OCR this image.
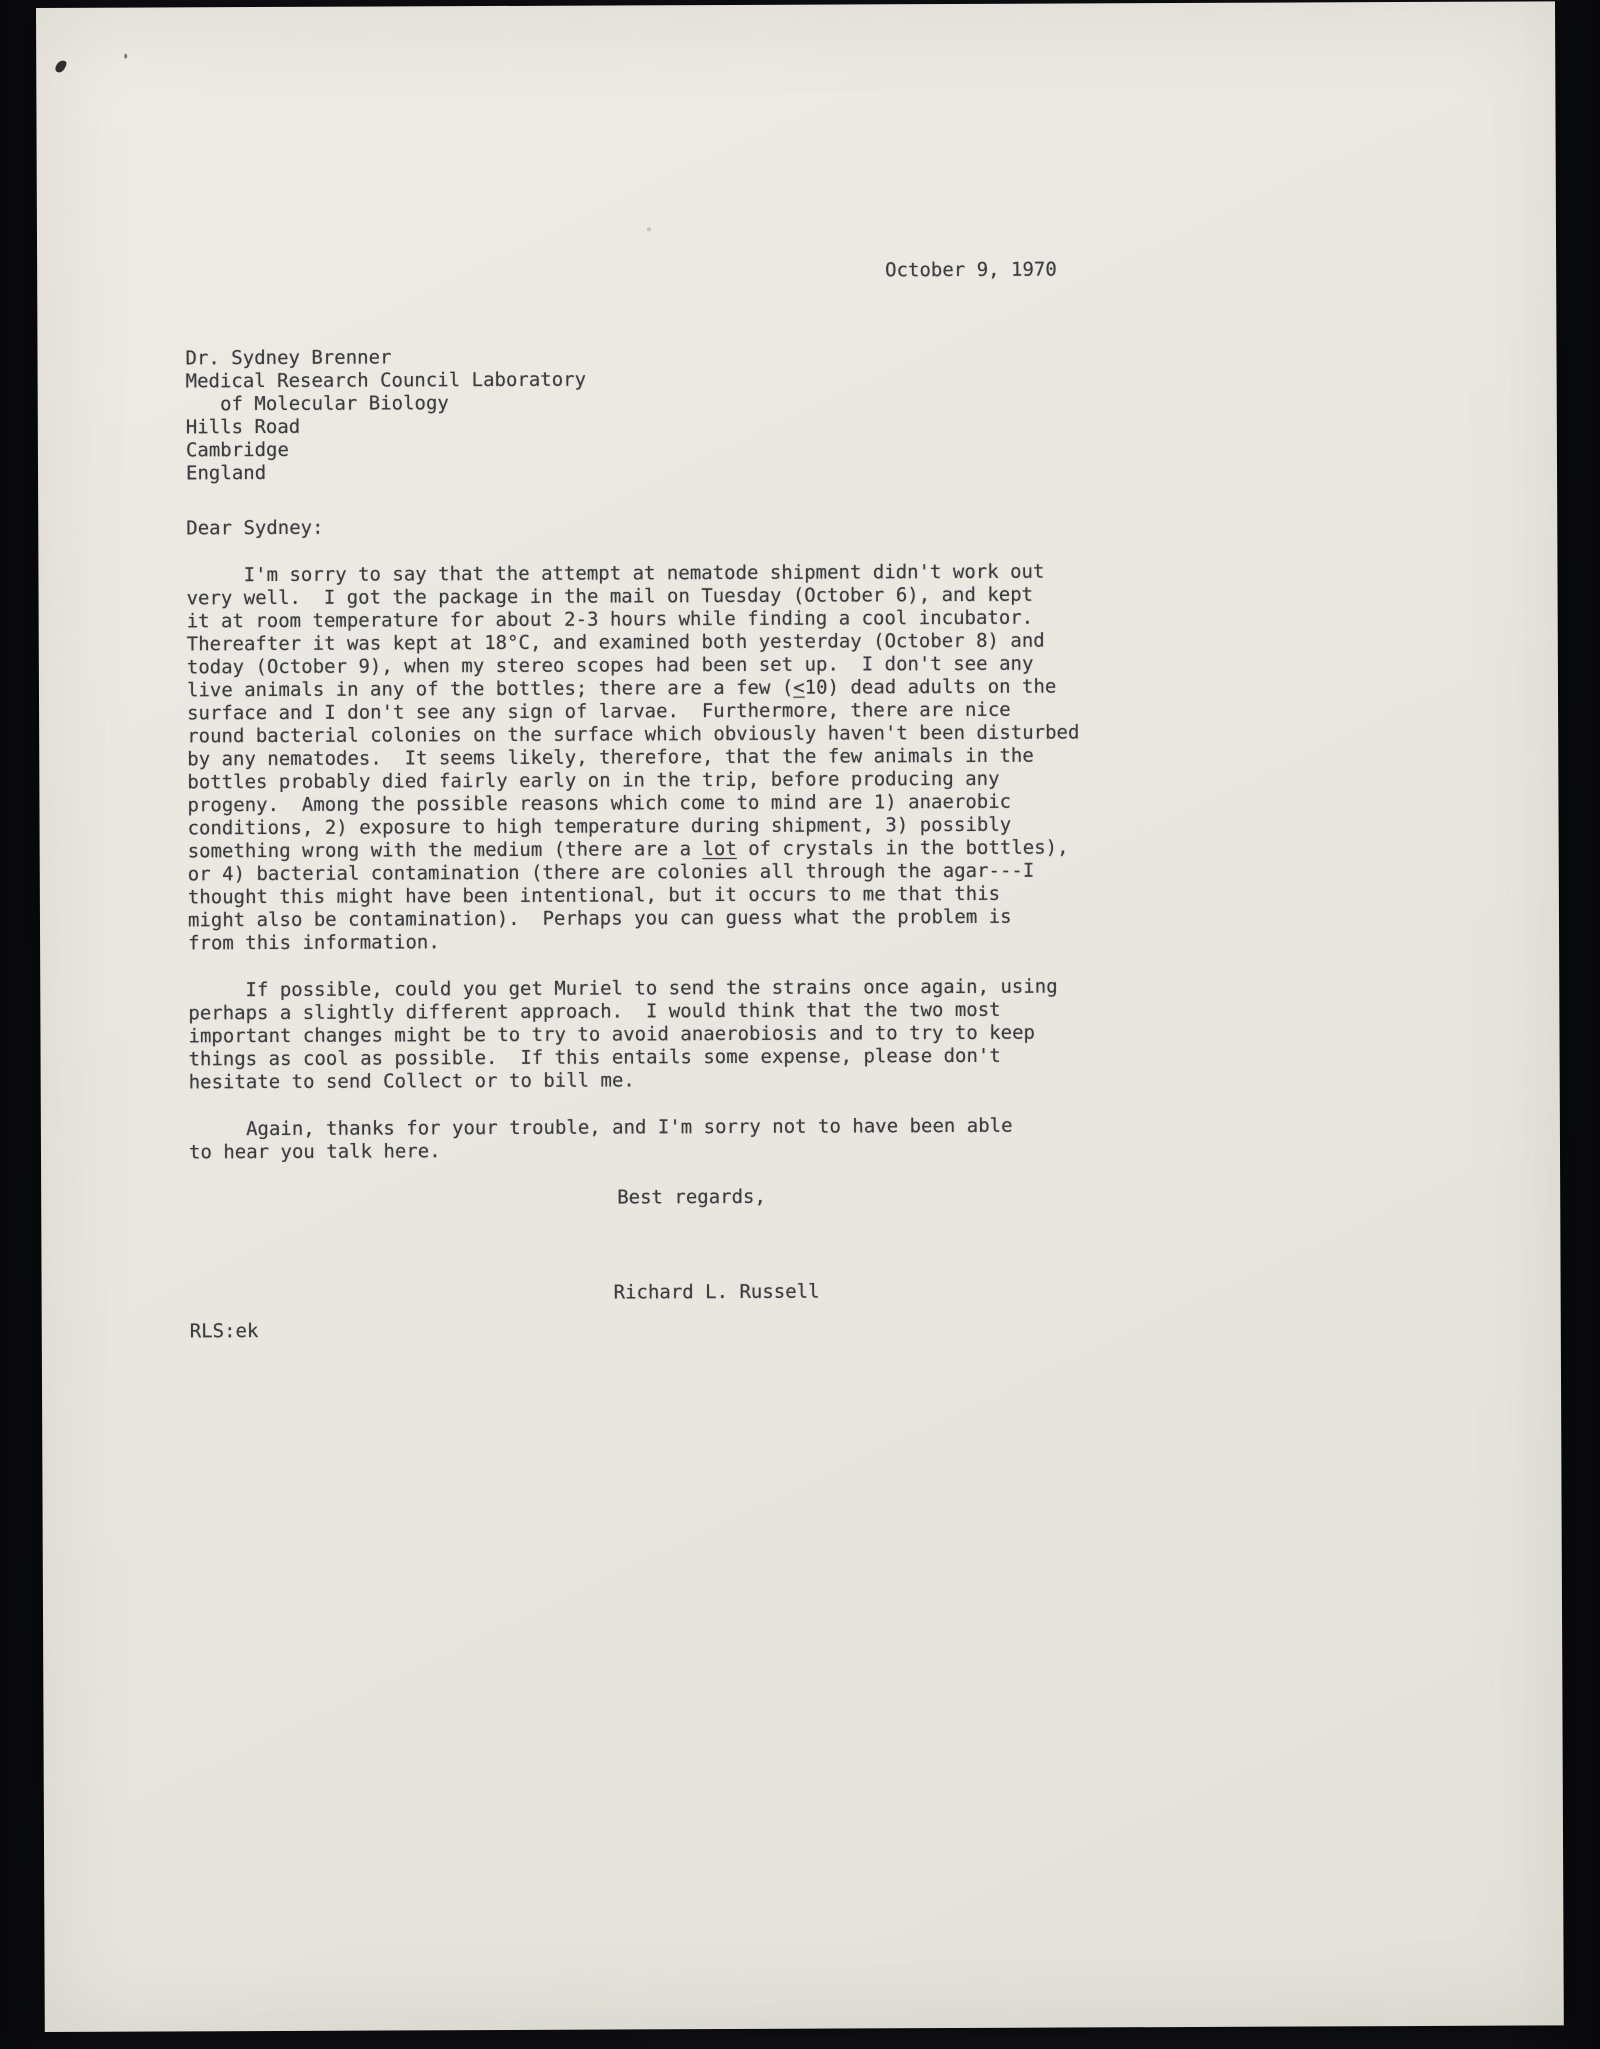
October 9, 1970
Dr. Sydney Brenner
Medical Research Council Laboratory
of Molecular Biology
Hills Road
Cambridge
England
Dear Sydney:
I'm sorry to say that the attempt at nematode shipment didn't work out
very well.  I got the package in the mail on Tuesday (October 6), and kept
it at room temperature for about 2-3 hours while finding a cool incubator.
Thereafter it was kept at 18°C, and examined both yesterday (October 8) and
today (October 9), when my stereo scopes had been set up.  I don't see any
live animals in any of the bottles; there are a few (<10) dead adults on the
surface and I don't see any sign of larvae.  Furthermore, there are nice
round bacterial colonies on the surface which obviously haven't been disturbed
by any nematodes.  It seems likely, therefore, that the few animals in the
bottles probably died fairly early on in the trip, before producing any
progeny.  Among the possible reasons which come to mind are 1) anaerobic
conditions, 2) exposure to high temperature during shipment, 3) possibly
something wrong with the medium (there are a lot of crystals in the bottles),
or 4) bacterial contamination (there are colonies all through the agar---I
thought this might have been intentional, but it occurs to me that this
might also be contamination).  Perhaps you can guess what the problem is
from this information.
If possible, could you get Muriel to send the strains once again, using
perhaps a slightly different approach.  I would think that the two most
important changes might be to try to avoid anaerobiosis and to try to keep
things as cool as possible.  If this entails some expense, please don't
hesitate to send Collect or to bill me.
Again, thanks for your trouble, and I'm sorry not to have been able
to hear you talk here.
Best regards,
Richard L. Russell
RLS:ek
